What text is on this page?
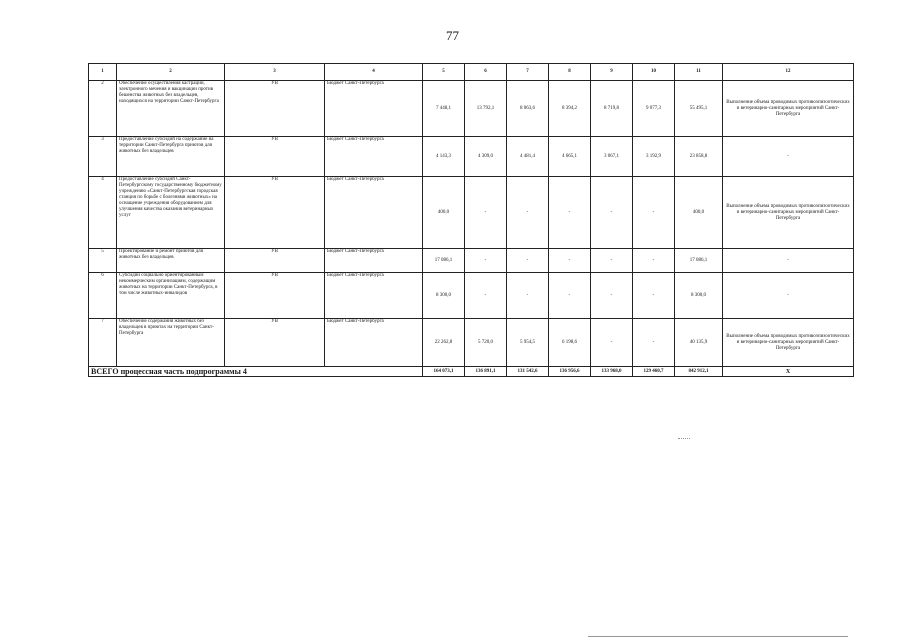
77
1	2	3	4	5	6	7	8	9	10	11	12
2	Обеспечение осуществления кастрации, электронного мечения и вакцинации против бешенства животных без владельцев, находящихся на территории Санкт-Петербурга	УВ	Бюджет Санкт-Петербурга	7 448,1	13 792,1	8 063,6	8 394,2	8 719,8	9 077,3	55 495,1	Выполнение объема проводимых противоэпизоотических и ветеринарно-санитарных мероприятий Санкт-Петербурга
3	Предоставление субсидий на содержание на территории Санкт-Петербурга приютов для животных без владельцев	УВ	Бюджет Санкт-Петербурга	4 143,3	4 309,0	4 481,4	4 665,1	3 067,1	3 192,9	23 858,8	-
4	Предоставление субсидий Санкт-Петербургскому государственному бюджетному учреждению «Санкт-Петербургская городская станция по борьбе с болезнями животных» на оснащение учреждения оборудованием для улучшения качества оказания ветеринарных услуг	УВ	Бюджет Санкт-Петербурга	400,0	-	-	-	-	-	400,0	Выполнение объема проводимых противоэпизоотических и ветеринарно-санитарных мероприятий Санкт-Петербурга
5	Проектирование и ремонт приютов для животных без владельцев	УВ	Бюджет Санкт-Петербурга	17 086,1	-	-	-	-	-	17 086,1	-
6	Субсидии социально ориентированным некоммерческим организациям, содержащим животных на территории Санкт-Петербурга, в том числе животных-инвалидов	УВ	Бюджет Санкт-Петербурга	8 300,0	-	-	-	-	-	8 300,0	-
7	Обеспечение содержания животных без владельцев в приютах на территории Санкт-Петербурга	УВ	Бюджет Санкт-Петербурга	22 262,8	5 720,0	5 954,5	6 198,6	-	-	40 135,9	Выполнение объема проводимых противоэпизоотических и ветеринарно-санитарных мероприятий Санкт-Петербурга
ВСЕГО процессная часть подпрограммы 4				164 073,1	136 891,1	131 542,6	136 956,6	133 968,0	129 460,7	842 912,1	Х
